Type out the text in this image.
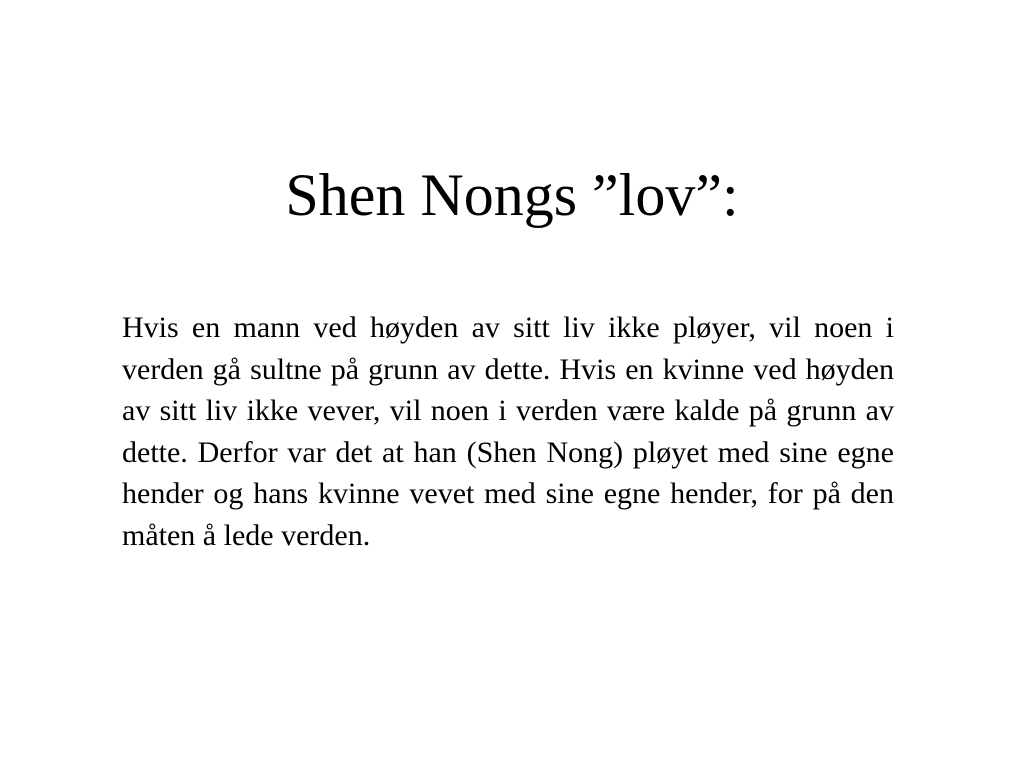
Shen Nongs ”lov”:

Hvis en mann ved høyden av sitt liv ikke pløyer, vil noen i verden gå sultne på grunn av dette. Hvis en kvinne ved høyden av sitt liv ikke vever, vil noen i verden være kalde på grunn av dette. Derfor var det at han (Shen Nong) pløyet med sine egne hender og hans kvinne vevet med sine egne hender, for på den måten å lede verden.
